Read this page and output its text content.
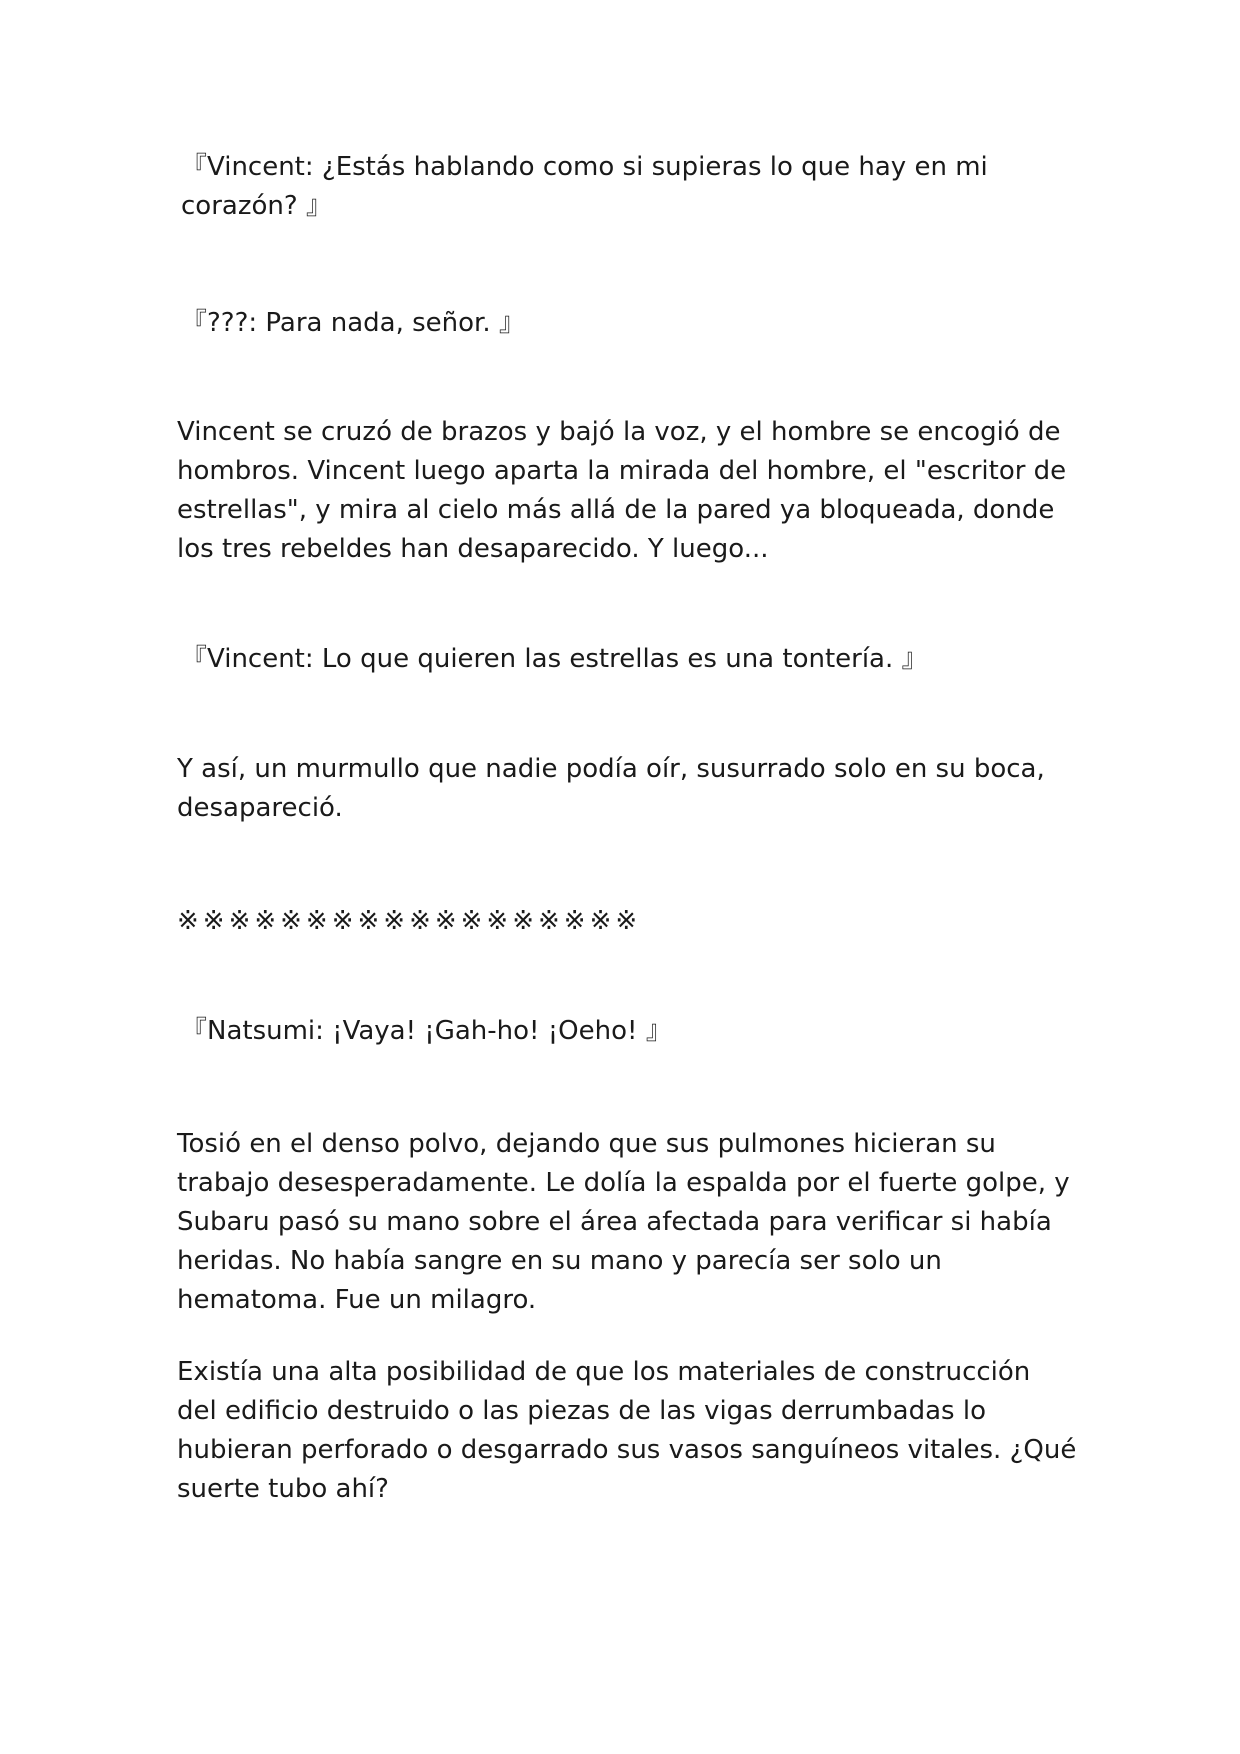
『Vincent: ¿Estás hablando como si supieras lo que hay en mi corazón? 』

『???: Para nada, señor. 』

Vincent se cruzó de brazos y bajó la voz, y el hombre se encogió de hombros. Vincent luego aparta la mirada del hombre, el "escritor de estrellas", y mira al cielo más allá de la pared ya bloqueada, donde los tres rebeldes han desaparecido. Y luego...

『Vincent: Lo que quieren las estrellas es una tontería. 』

Y así, un murmullo que nadie podía oír, susurrado solo en su boca, desapareció.

※※※※※※※※※※※※※※※※※※

『Natsumi: ¡Vaya! ¡Gah-ho! ¡Oeho! 』

Tosió en el denso polvo, dejando que sus pulmones hicieran su trabajo desesperadamente. Le dolía la espalda por el fuerte golpe, y Subaru pasó su mano sobre el área afectada para verificar si había heridas. No había sangre en su mano y parecía ser solo un hematoma. Fue un milagro.

Existía una alta posibilidad de que los materiales de construcción del edificio destruido o las piezas de las vigas derrumbadas lo hubieran perforado o desgarrado sus vasos sanguíneos vitales. ¿Qué suerte tubo ahí?
